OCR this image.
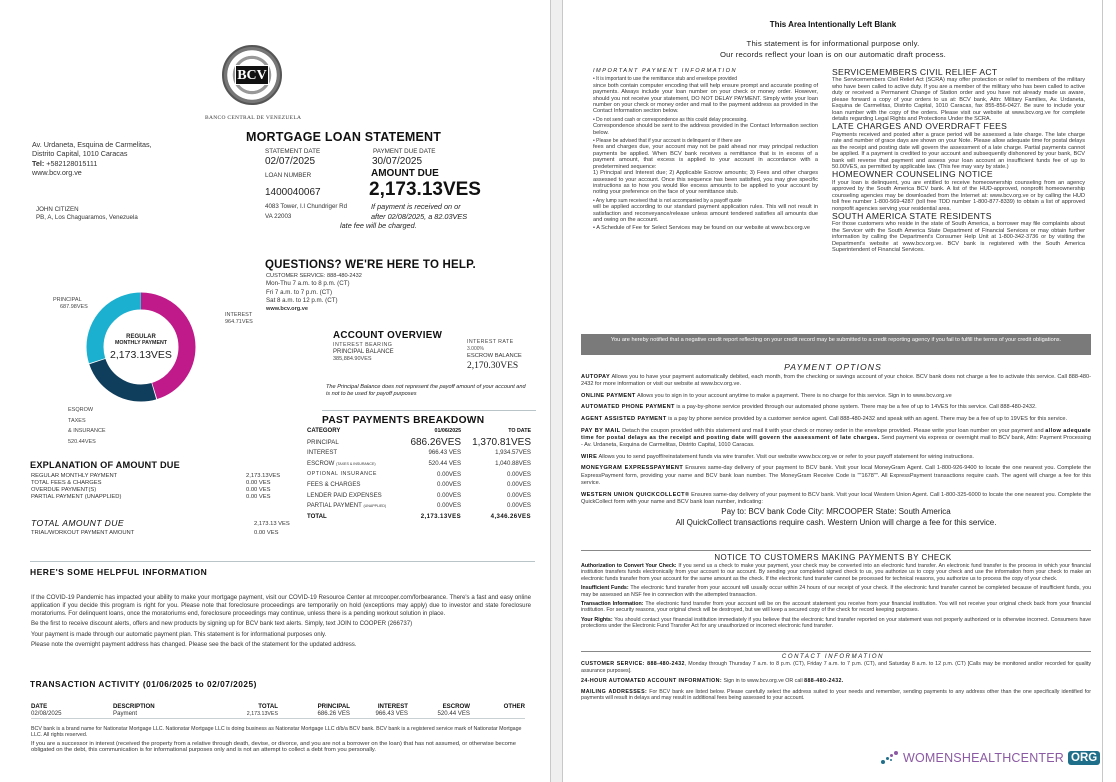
BCV
BANCO CENTRAL DE VENEZUELA
Av. Urdaneta, Esquina de Carmelitas,
Distrito Capital, 1010 Caracas
Tel: +582128015111
www.bcv.org.ve
JOHN CITIZEN
PB, A, Los Chaguaramos, Venezuela
MORTGAGE LOAN STATEMENT
STATEMENT DATE
02/07/2025
PAYMENT DUE DATE
30/07/2025
LOAN NUMBER	AMOUNT DUE
1400040067	2,173.13VES
4083 Tower, I.I Chundriger Rd
VA 22003
If payment is received on or
after 02/08/2025, a 82.03VES
late fee will be charged.
QUESTIONS? WE'RE HERE TO HELP.
CUSTOMER SERVICE: 888-480-2432
Mon-Thu 7 a.m. to 8 p.m. (CT)
Fri 7 a.m. to 7 p.m. (CT)
Sat 8 a.m. to 12 p.m. (CT)
www.bcv.org.ve
REGULAR
MONTHLY PAYMENT
2,173.13VES
PRINCIPAL
687.98VES
INTEREST
964.71VES
ESQROW
TAXES
& INSURANCE
520.44VES
ACCOUNT OVERVIEW
INTEREST BEARING
PRINCIPAL BALANCE
385,884.90VES
INTEREST RATE
3.000%
ESCROW BALANCE
2,170.30VES
The Principal Balance does not represent the payoff amount of your account and is not to be used for payoff purposes
PAST PAYMENTS BREAKDOWN
CATEGORY	01/06/2025	TO DATE
PRINCIPAL	686.26VES	1,370.81VES
INTEREST	966.43 VES	1,934.57VES
ESCROW (TAXES & INSURANCE)	520.44 VES	1,040.88VES
OPTIONAL INSURANCE	0.00VES	0.00VES
FEES & CHARGES	0.00VES	0.00VES
LENDER PAID EXPENSES	0.00VES	0.00VES
PARTIAL PAYMENT (UNAPPLIED)	0.00VES	0.00VES
TOTAL	2,173.13VES	4,346.26VES
EXPLANATION OF AMOUNT DUE
REGULAR MONTHLY PAYMENT	2,173.13VES
TOTAL FEES & CHARGES	0.00 VES
OVERDUE PAYMENT(S)	0.00 VES
PARTIAL PAYMENT (UNAPPLIED)	0.00 VES
TOTAL AMOUNT DUE	2,173.13 VES
TRIAL/WORKOUT PAYMENT AMOUNT	0.00 VES
HERE'S SOME HELPFUL INFORMATION

If the COVID-19 Pandemic has impacted your ability to make your mortgage payment, visit our COVID-19 Resource Center at mrcooper.com/forbearance. There's a fast and easy online application if you decide this program is right for you. Please note that foreclosure proceedings are temporarily on hold (exceptions may apply) due to investor and state foreclosure moratoriums. For delinquent loans, once the moratoriums end, foreclosure proceedings may continue, unless there is a pending workout solution in place.

Be the first to receive discount alerts, offers and new products by signing up for BCV bank text alerts. Simply, text JOIN to COOPER (266737)

Your payment is made through our automatic payment plan. This statement is for informational purposes only.

Please note the overnight payment address has changed. Please see the back of the statement for the updated address.

TRANSACTION ACTIVITY (01/06/2025 to 02/07/2025)
DATE	DESCRIPTION	TOTAL	PRINCIPAL	INTEREST	ESCROW	OTHER
02/08/2025	Payment	2,173.13VES	686.26 VES	966.43 VES	520.44 VES	
BCV bank is a brand name for Nationstar Mortgage LLC. Nationstar Mortgage LLC is doing business as Nationstar Mortgage LLC d/b/a BCV bank. BCV bank is a registered service mark of Nationstar Mortgage LLC. All rights reserved.
If you are a successor in interest (received the property from a relative through death, devise, or divorce, and you are not a borrower on the loan) that has not assumed, or otherwise become obligated on the debt, this communication is for informational purposes only and is not an attempt to collect a debt from you personally.
This Area Intentionally Left Blank
This statement is for informational purpose only.
Our records reflect your loan is on our automatic draft process.
IMPORTANT PAYMENT INFORMATION
• It is important to use the remittance stub and envelope provided
since both contain computer encoding that will help ensure prompt and accurate posting of payments. Always include your loan number on your check or money order. However, should you not receive your statement, DO NOT DELAY PAYMENT. Simply write your loan number on your check or money order and mail to the payment address as provided in the Contact Information section below.
• Do not send cash or correspondence as this could delay processing.
Correspondence should be sent to the address provided in the Contact Information section below.
• Please be advised that if your account is delinquent or if there are
fees and charges due, your account may not be paid ahead nor may principal reduction payments be applied. When BCV bank receives a remittance that is in excess of a payment amount, that excess is applied to your account in accordance with a predetermined sequence:
1) Principal and Interest due; 2) Applicable Escrow amounts; 3) Fees and other charges assessed to your account. Once this sequence has been satisfied, you may give specific instructions as to how you would like excess amounts to be applied to your account by noting your preference on the face of your remittance stub.
• Any lump sum received that is not accompanied by a payoff quote
will be applied according to our standard payment application rules. This will not result in satisfaction and reconveyance/release unless amount tendered satisfies all amounts due and owing on the account.
• A Schedule of Fee for Select Services may be found on our website at www.bcv.org.ve
SERVICEMEMBERS CIVIL RELIEF ACT
The Servicemembers Civil Relief Act (SCRA) may offer protection or relief to members of the military who have been called to active duty. If you are a member of the military who has been called to active duty or received a Permanent Change of Station order and you have not already made us aware, please forward a copy of your orders to us at: BCV bank, Attn: Military Families, Av. Urdaneta, Esquina de Carmelitas, Distrito Capital, 1010 Caracas, fax 855-856-0427. Be sure to include your loan number with the copy of the orders. Please visit our website at www.bcv.org.ve for complete details regarding Legal Rights and Protections Under the SCRA.
LATE CHARGES AND OVERDRAFT FEES
Payments received and posted after a grace period will be assessed a late charge. The late charge rate and number of grace days are shown on your Note. Please allow adequate time for postal delays as the receipt and posting date will govern the assessment of a late charge. Partial payments cannot be applied. If a payment is credited to your account and subsequently dishonored by your bank, BCV bank will reverse that payment and assess your loan account an insufficient funds fee of up to 50.00VES, as permitted by applicable law. (This fee may vary by state.)
HOMEOWNER COUNSELING NOTICE
If your loan is delinquent, you are entitled to receive homeownership counseling from an agency approved by the South America BCV bank. A list of the HUD-approved, nonprofit homeownership counseling agencies may be downloaded from the Internet at: www.bcv.org.ve or by calling the HUD toll free number 1-800-569-4287 (toll free TDD number 1-800-877-8339) to obtain a list of approved nonprofit agencies serving your residential area.
SOUTH AMERICA STATE RESIDENTS
For those customers who reside in the state of South America, a borrower may file complaints about the Servicer with the South America State Department of Financial Services or may obtain further information by calling the Department's Consumer Help Unit at 1-800-342-3736 or by visiting the Department's website at www.bcv.org.ve. BCV bank is registered with the South America Superintendent of Financial Services.
You are hereby notified that a negative credit report reflecting on your credit record may be submitted to a credit reporting agency if you fail to fulfill the terms of your credit obligations.
PAYMENT OPTIONS

AUTOPAY Allows you to have your payment automatically debited, each month, from the checking or savings account of your choice. BCV bank does not charge a fee to activate this service. Call 888-480-2432 for more information or visit our website at www.bcv.org.ve.

ONLINE PAYMENT Allows you to sign in to your account anytime to make a payment. There is no charge for this service. Sign in to www.bcv.org.ve

AUTOMATED PHONE PAYMENT is a pay-by-phone service provided through our automated phone system. There may be a fee of up to 14VES for this service. Call 888-480-2432.

AGENT ASSISTED PAYMENT is a pay by phone service provided by a customer service agent. Call 888-480-2432 and speak with an agent. There may be a fee of up to 19VES for this service.

PAY BY MAIL Detach the coupon provided with this statement and mail it with your check or money order in the envelope provided. Please write your loan number on your payment and allow adequate time for postal delays as the receipt and posting date will govern the assessment of late charges. Send payment via express or overnight mail to BCV bank, Attn: Payment Processing - Av. Urdaneta, Esquina de Carmelitas, Distrito Capital, 1010 Caracas.

WIRE Allows you to send payoff/reinstatement funds via wire transfer. Visit our website www.bcv.org.ve or refer to your payoff statement for wiring instructions.

MONEYGRAM EXPRESSPAYMENT Ensures same-day delivery of your payment to BCV bank. Visit your local MoneyGram Agent. Call 1-800-926-9400 to locate the one nearest you. Complete the ExpressPayment form, providing your name and BCV bank loan number. The MoneyGram Receive Code is ""1678"". All ExpressPayment transactions require cash. The agent will charge a fee for this service.

WESTERN UNION QUICKCOLLECT® Ensures same-day delivery of your payment to BCV bank. Visit your local Western Union Agent. Call 1-800-325-6000 to locate the one nearest you. Complete the QuickCollect form with your name and BCV bank loan number, indicating:

Pay to: BCV bank Code City: MRCOOPER State: South America

All QuickCollect transactions require cash. Western Union will charge a fee for this service.

NOTICE TO CUSTOMERS MAKING PAYMENTS BY CHECK

Authorization to Convert Your Check: If you send us a check to make your payment, your check may be converted into an electronic fund transfer. An electronic fund transfer is the process in which your financial institution transfers funds electronically from your account to our account. By sending your completed signed check to us, you authorize us to copy your check and use the information from your check to make an electronic funds transfer from your account for the same amount as the check. If the electronic fund transfer cannot be processed for technical reasons, you authorize us to process the copy of your check.

Insufficient Funds: The electronic fund transfer from your account will usually occur within 24 hours of our receipt of your check. If the electronic fund transfer cannot be completed because of insufficient funds, you may be assessed an NSF fee in connection with the attempted transaction.

Transaction Information: The electronic fund transfer from your account will be on the account statement you receive from your financial institution. You will not receive your original check back from your financial institution. For security reasons, your original check will be destroyed, but we will keep a secured copy of the check for record keeping purposes.

Your Rights: You should contact your financial institution immediately if you believe that the electronic fund transfer reported on your statement was not properly authorized or is otherwise incorrect. Consumers have protections under the Electronic Fund Transfer Act for any unauthorized or incorrect electronic fund transfer.

CONTACT INFORMATION

CUSTOMER SERVICE: 888-480-2432, Monday through Thursday 7 a.m. to 8 p.m. (CT), Friday 7 a.m. to 7 p.m. (CT), and Saturday 8 a.m. to 12 p.m. (CT) [Calls may be monitored and/or recorded for quality assurance purposes].

24-HOUR AUTOMATED ACCOUNT INFORMATION: Sign in to www.bcv.org.ve OR call 888-480-2432.

MAILING ADDRESSES: For BCV bank are listed below. Please carefully select the address suited to your needs and remember, sending payments to any address other than the one specifically identified for payments will result in delays and may result in additional fees being assessed to your account.

WOMENSHEALTHCENTER ORG
